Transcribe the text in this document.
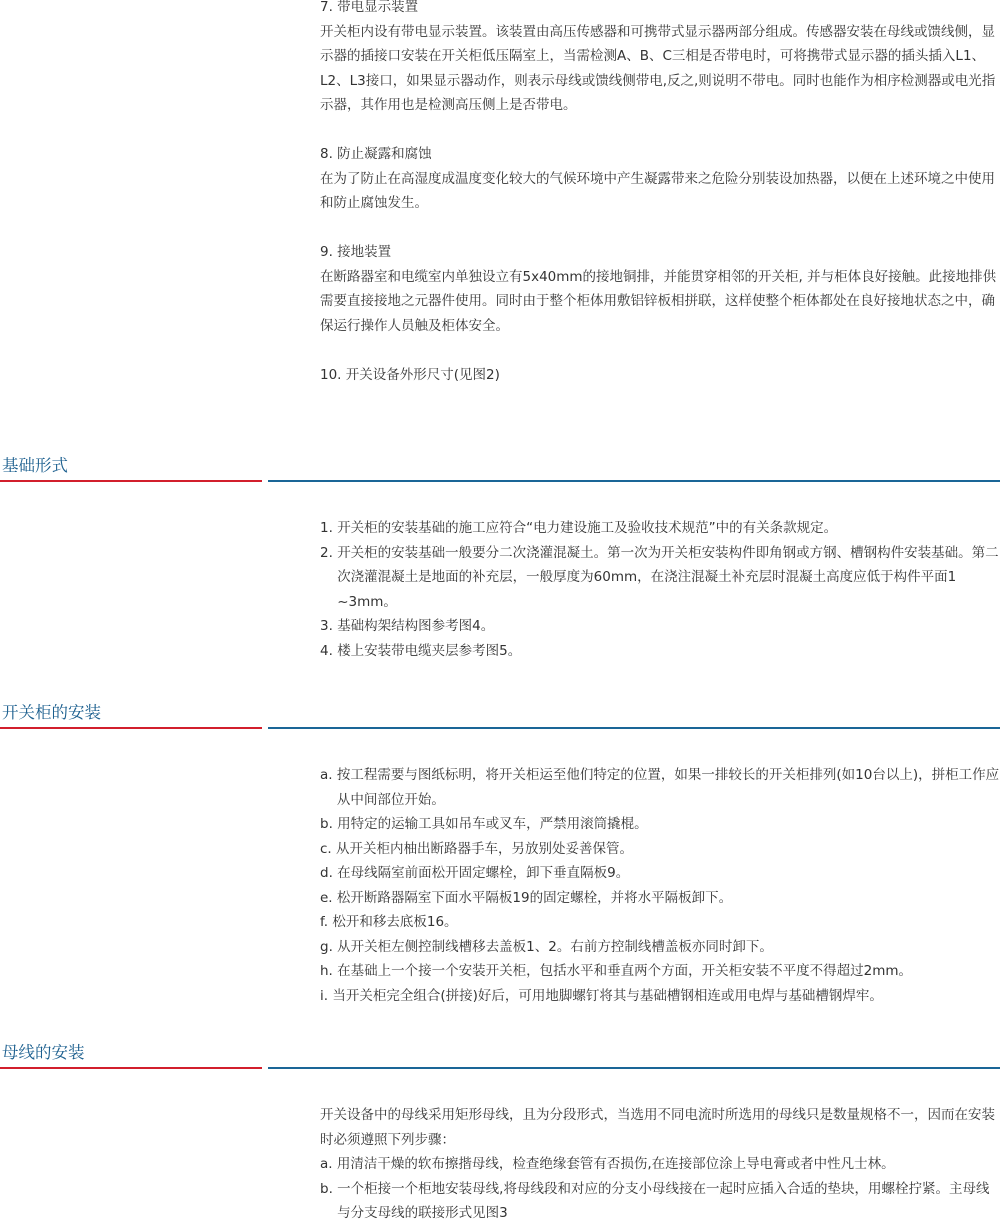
7. 带电显示装置

开关柜内设有带电显示装置。该装置由高压传感器和可携带式显示器两部分组成。传感器安装在母线或馈线侧，显示器的插接口安装在开关柜低压隔室上，当需检测A、B、C三相是否带电时，可将携带式显示器的插头插入L1、L2、L3接口，如果显示器动作，则表示母线或馈线侧带电,反之,则说明不带电。同时也能作为相序检测器或电光指示器，其作用也是检测高压侧上是否带电。

8. 防止凝露和腐蚀

在为了防止在高湿度成温度变化较大的气候环境中产生凝露带来之危险分别装设加热器，以便在上述环境之中使用和防止腐蚀发生。

9. 接地装置

在断路器室和电缆室内单独设立有5x40mm的接地铜排，并能贯穿相邻的开关柜, 并与柜体良好接触。此接地排供需要直接接地之元器件使用。同时由于整个柜体用敷铝锌板相拼联，这样使整个柜体都处在良好接地状态之中，确保运行操作人员触及柜体安全。

10. 开关设备外形尺寸(见图2)

基础形式
1.
开关柜的安装基础的施工应符合“电力建设施工及验收技术规范”中的有关条款规定。
2.
开关柜的安装基础一般要分二次浇灌混凝土。第一次为开关柜安装构件即角钢或方钢、槽钢构件安装基础。第二次浇灌混凝土是地面的补充层，一般厚度为60mm，在浇注混凝土补充层时混凝土高度应低于构件平面1 ~3mm。
3.
基础构架结构图参考图4。
4.
楼上安装带电缆夹层参考图5。
开关柜的安装
a.
按工程需要与图纸标明，将开关柜运至他们特定的位置，如果一排较长的开关柜排列(如10台以上)，拼柜工作应从中间部位开始。
b.
用特定的运输工具如吊车或叉车，严禁用滚筒撬棍。
c.
从开关柜内柚出断路器手车，另放别处妥善保管。
d.
在母线隔室前面松开固定螺栓，卸下垂直隔板9。
e.
松开断路器隔室下面水平隔板19的固定螺栓，并将水平隔板卸下。
f.
松开和移去底板16。
g.
从开关柜左侧控制线槽移去盖板1、2。右前方控制线槽盖板亦同时卸下。
h.
在基础上一个接一个安装开关柜，包括水平和垂直两个方面，开关柜安装不平度不得超过2mm。
i.
当开关柜完全组合(拼接)好后，可用地脚螺钉将其与基础槽钢相连或用电焊与基础槽钢焊牢。
母线的安装

开关设备中的母线采用矩形母线，且为分段形式，当选用不同电流时所选用的母线只是数量规格不一，因而在安装时必须遵照下列步骤：

a.
用清洁干燥的软布擦揩母线，检查绝缘套管有否损伤,在连接部位涂上导电膏或者中性凡士林。
b.
一个柜接一个柜地安装母线,将母线段和对应的分支小母线接在一起时应插入合适的垫块，用螺栓拧紧。主母线与分支母线的联接形式见图3
